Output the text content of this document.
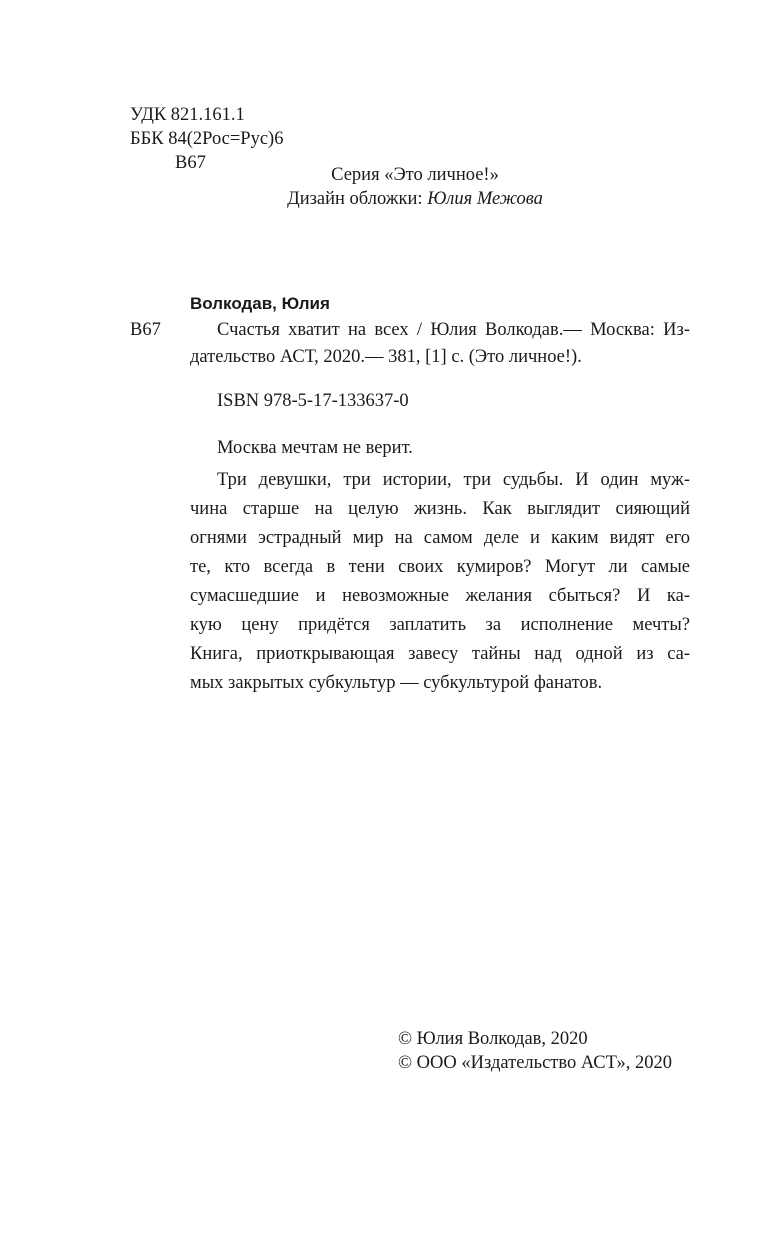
УДК 821.161.1
ББК 84(2Рос=Рус)6
В67
Серия «Это личное!»
Дизайн обложки: Юлия Межова
Волкодав, Юлия
В67	Счастья хватит на всех / Юлия Волкодав.— Москва: Из-
дательство АСТ, 2020.— 381, [1] с. (Это личное!).
ISBN 978-5-17-133637-0
Москва мечтам не верит.
Три девушки, три истории, три судьбы. И один муж-
чина старше на целую жизнь. Как выглядит сияющий
огнями эстрадный мир на самом деле и каким видят его
те, кто всегда в тени своих кумиров? Могут ли самые
сумасшедшие и невозможные желания сбыться? И ка-
кую цену придётся заплатить за исполнение мечты?
Книга, приоткрывающая завесу тайны над одной из са-
мых закрытых субкультур — субкультурой фанатов.
© Юлия Волкодав, 2020
© ООО «Издательство АСТ», 2020
